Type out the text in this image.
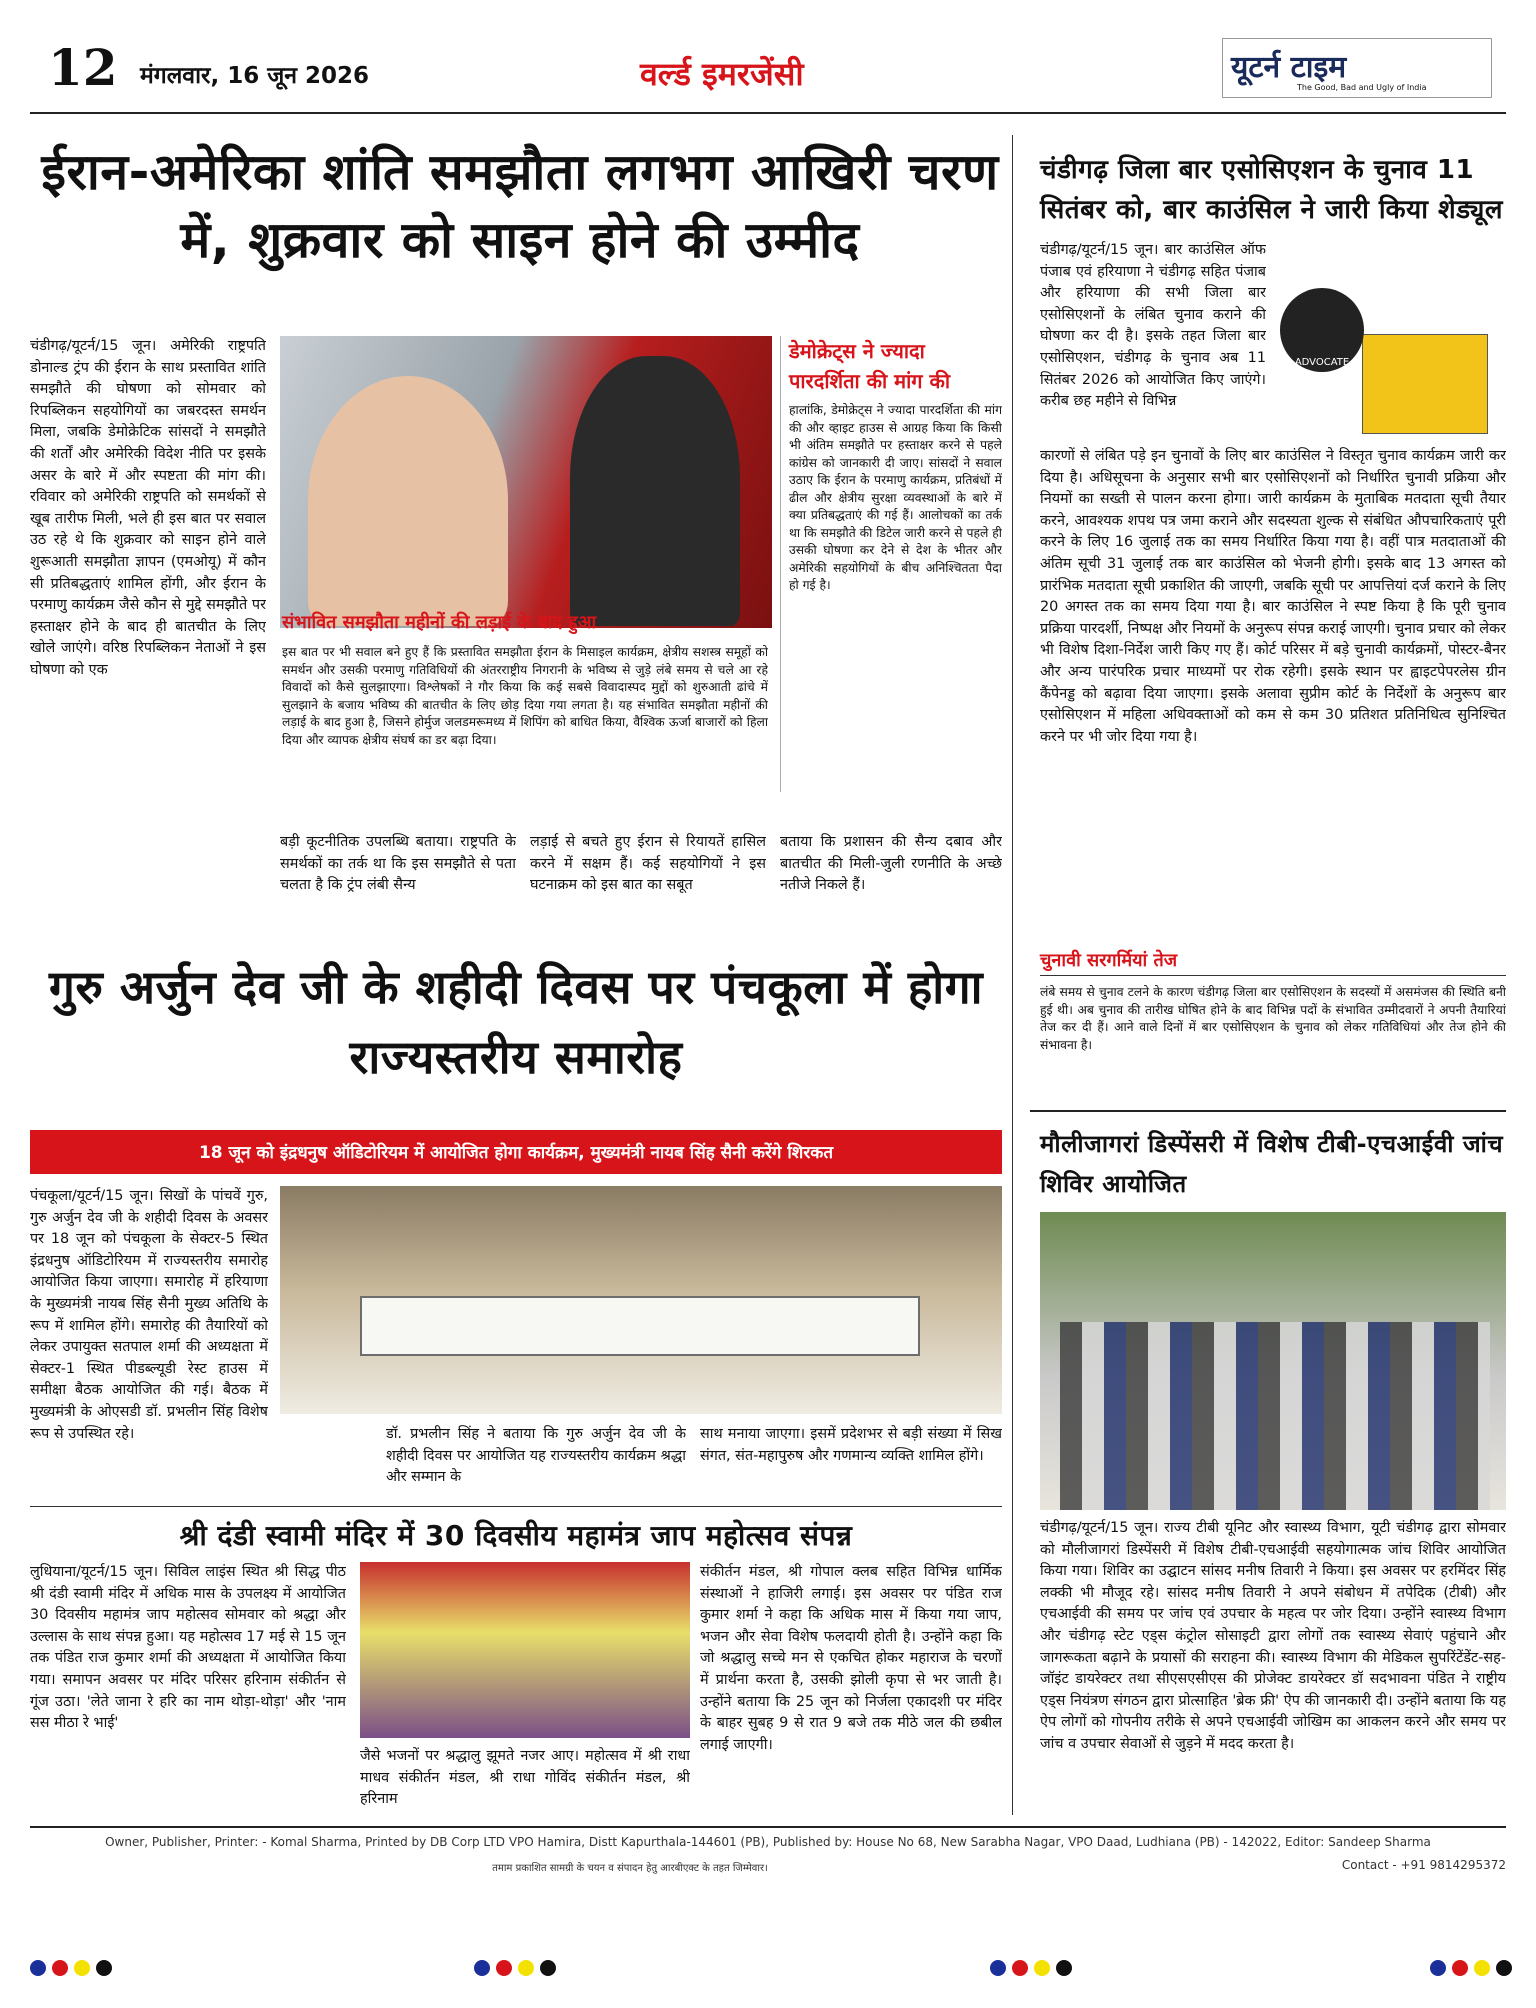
12 मंगलवार, 16 जून 2026	वर्ल्ड इमरजेंसी	यूटर्न टाइम
The Good, Bad and Ugly of India
ईरान-अमेरिका शांति समझौता लगभग आखिरी चरण में, शुक्रवार को साइन होने की उम्मीद
चंडीगढ़/यूटर्न/15 जून। अमेरिकी राष्ट्रपति डोनाल्ड ट्रंप की ईरान के साथ प्रस्तावित शांति समझौते की घोषणा को सोमवार को रिपब्लिकन सहयोगियों का जबरदस्त समर्थन मिला, जबकि डेमोक्रेटिक सांसदों ने समझौते की शर्तों और अमेरिकी विदेश नीति पर इसके असर के बारे में और स्पष्टता की मांग की। रविवार को अमेरिकी राष्ट्रपति को समर्थकों से खूब तारीफ मिली, भले ही इस बात पर सवाल उठ रहे थे कि शुक्रवार को साइन होने वाले शुरूआती समझौता ज्ञापन (एमओयू) में कौन सी प्रतिबद्धताएं शामिल होंगी, और ईरान के परमाणु कार्यक्रम जैसे कौन से मुद्दे समझौते पर हस्ताक्षर होने के बाद ही बातचीत के लिए खोले जाएंगे। वरिष्ठ रिपब्लिकन नेताओं ने इस घोषणा को एक
संभावित समझौता महीनों की लड़ाई के बाद हुआ
इस बात पर भी सवाल बने हुए हैं कि प्रस्तावित समझौता ईरान के मिसाइल कार्यक्रम, क्षेत्रीय सशस्त्र समूहों को समर्थन और उसकी परमाणु गतिविधियों की अंतरराष्ट्रीय निगरानी के भविष्य से जुड़े लंबे समय से चले आ रहे विवादों को कैसे सुलझाएगा। विश्लेषकों ने गौर किया कि कई सबसे विवादास्पद मुद्दों को शुरुआती ढांचे में सुलझाने के बजाय भविष्य की बातचीत के लिए छोड़ दिया गया लगता है। यह संभावित समझौता महीनों की लड़ाई के बाद हुआ है, जिसने होर्मुज जलडमरूमध्य में शिपिंग को बाधित किया, वैश्विक ऊर्जा बाजारों को हिला दिया और व्यापक क्षेत्रीय संघर्ष का डर बढ़ा दिया।
डेमोक्रेट्स ने ज्यादा पारदर्शिता की मांग की
हालांकि, डेमोक्रेट्स ने ज्यादा पारदर्शिता की मांग की और व्हाइट हाउस से आग्रह किया कि किसी भी अंतिम समझौते पर हस्ताक्षर करने से पहले कांग्रेस को जानकारी दी जाए। सांसदों ने सवाल उठाए कि ईरान के परमाणु कार्यक्रम, प्रतिबंधों में ढील और क्षेत्रीय सुरक्षा व्यवस्थाओं के बारे में क्या प्रतिबद्धताएं की गई हैं। आलोचकों का तर्क था कि समझौते की डिटेल जारी करने से पहले ही उसकी घोषणा कर देने से देश के भीतर और अमेरिकी सहयोगियों के बीच अनिश्चितता पैदा हो गई है।
बड़ी कूटनीतिक उपलब्धि बताया। राष्ट्रपति के समर्थकों का तर्क था कि इस समझौते से पता चलता है कि ट्रंप लंबी सैन्य
लड़ाई से बचते हुए ईरान से रियायतें हासिल करने में सक्षम हैं। कई सहयोगियों ने इस घटनाक्रम को इस बात का सबूत
बताया कि प्रशासन की सैन्य दबाव और बातचीत की मिली-जुली रणनीति के अच्छे नतीजे निकले हैं।
चंडीगढ़ जिला बार एसोसिएशन के चुनाव 11 सितंबर को, बार काउंसिल ने जारी किया शेड्यूल
चंडीगढ़/यूटर्न/15 जून। बार काउंसिल ऑफ पंजाब एवं हरियाणा ने चंडीगढ़ सहित पंजाब और हरियाणा की सभी जिला बार एसोसिएशनों के लंबित चुनाव कराने की घोषणा कर दी है। इसके तहत जिला बार एसोसिएशन, चंडीगढ़ के चुनाव अब 11 सितंबर 2026 को आयोजित किए जाएंगे। करीब छह महीने से विभिन्न
ADVOCATE
कारणों से लंबित पड़े इन चुनावों के लिए बार काउंसिल ने विस्तृत चुनाव कार्यक्रम जारी कर दिया है। अधिसूचना के अनुसार सभी बार एसोसिएशनों को निर्धारित चुनावी प्रक्रिया और नियमों का सख्ती से पालन करना होगा। जारी कार्यक्रम के मुताबिक मतदाता सूची तैयार करने, आवश्यक शपथ पत्र जमा कराने और सदस्यता शुल्क से संबंधित औपचारिकताएं पूरी करने के लिए 16 जुलाई तक का समय निर्धारित किया गया है। वहीं पात्र मतदाताओं की अंतिम सूची 31 जुलाई तक बार काउंसिल को भेजनी होगी। इसके बाद 13 अगस्त को प्रारंभिक मतदाता सूची प्रकाशित की जाएगी, जबकि सूची पर आपत्तियां दर्ज कराने के लिए 20 अगस्त तक का समय दिया गया है। बार काउंसिल ने स्पष्ट किया है कि पूरी चुनाव प्रक्रिया पारदर्शी, निष्पक्ष और नियमों के अनुरूप संपन्न कराई जाएगी। चुनाव प्रचार को लेकर भी विशेष दिशा-निर्देश जारी किए गए हैं। कोर्ट परिसर में बड़े चुनावी कार्यक्रमों, पोस्टर-बैनर और अन्य पारंपरिक प्रचार माध्यमों पर रोक रहेगी। इसके स्थान पर ह्वाइटपेपरलेस ग्रीन कैंपेनड्ड को बढ़ावा दिया जाएगा। इसके अलावा सुप्रीम कोर्ट के निर्देशों के अनुरूप बार एसोसिएशन में महिला अधिवक्ताओं को कम से कम 30 प्रतिशत प्रतिनिधित्व सुनिश्चित करने पर भी जोर दिया गया है।
चुनावी सरगर्मियां तेज
लंबे समय से चुनाव टलने के कारण चंडीगढ़ जिला बार एसोसिएशन के सदस्यों में असमंजस की स्थिति बनी हुई थी। अब चुनाव की तारीख घोषित होने के बाद विभिन्न पदों के संभावित उम्मीदवारों ने अपनी तैयारियां तेज कर दी हैं। आने वाले दिनों में बार एसोसिएशन के चुनाव को लेकर गतिविधियां और तेज होने की संभावना है।
मौलीजागरां डिस्पेंसरी में विशेष टीबी-एचआईवी जांच शिविर आयोजित
चंडीगढ़/यूटर्न/15 जून। राज्य टीबी यूनिट और स्वास्थ्य विभाग, यूटी चंडीगढ़ द्वारा सोमवार को मौलीजागरां डिस्पेंसरी में विशेष टीबी-एचआईवी सहयोगात्मक जांच शिविर आयोजित किया गया। शिविर का उद्घाटन सांसद मनीष तिवारी ने किया। इस अवसर पर हरमिंदर सिंह लक्की भी मौजूद रहे। सांसद मनीष तिवारी ने अपने संबोधन में तपेदिक (टीबी) और एचआईवी की समय पर जांच एवं उपचार के महत्व पर जोर दिया। उन्होंने स्वास्थ्य विभाग और चंडीगढ़ स्टेट एड्स कंट्रोल सोसाइटी द्वारा लोगों तक स्वास्थ्य सेवाएं पहुंचाने और जागरूकता बढ़ाने के प्रयासों की सराहना की। स्वास्थ्य विभाग की मेडिकल सुपरिंटेंडेंट-सह-जॉइंट डायरेक्टर तथा सीएसएसीएस की प्रोजेक्ट डायरेक्टर डॉ सदभावना पंडित ने राष्ट्रीय एड्स नियंत्रण संगठन द्वारा प्रोत्साहित 'ब्रेक फ्री' ऐप की जानकारी दी। उन्होंने बताया कि यह ऐप लोगों को गोपनीय तरीके से अपने एचआईवी जोखिम का आकलन करने और समय पर जांच व उपचार सेवाओं से जुड़ने में मदद करता है।
गुरु अर्जुन देव जी के शहीदी दिवस पर पंचकूला में होगा राज्यस्तरीय समारोह
18 जून को इंद्रधनुष ऑडिटोरियम में आयोजित होगा कार्यक्रम, मुख्यमंत्री नायब सिंह सैनी करेंगे शिरकत
पंचकूला/यूटर्न/15 जून। सिखों के पांचवें गुरु, गुरु अर्जुन देव जी के शहीदी दिवस के अवसर पर 18 जून को पंचकूला के सेक्टर-5 स्थित इंद्रधनुष ऑडिटोरियम में राज्यस्तरीय समारोह आयोजित किया जाएगा। समारोह में हरियाणा के मुख्यमंत्री नायब सिंह सैनी मुख्य अतिथि के रूप में शामिल होंगे। समारोह की तैयारियों को लेकर उपायुक्त सतपाल शर्मा की अध्यक्षता में सेक्टर-1 स्थित पीडब्ल्यूडी रेस्ट हाउस में समीक्षा बैठक आयोजित की गई। बैठक में मुख्यमंत्री के ओएसडी डॉ. प्रभलीन सिंह विशेष रूप से उपस्थित रहे।	डॉ. प्रभलीन सिंह ने बताया कि गुरु अर्जुन देव जी के शहीदी दिवस पर आयोजित यह राज्यस्तरीय कार्यक्रम श्रद्धा और सम्मान के
साथ मनाया जाएगा। इसमें प्रदेशभर से बड़ी संख्या में सिख संगत, संत-महापुरुष और गणमान्य व्यक्ति शामिल होंगे।
श्री दंडी स्वामी मंदिर में 30 दिवसीय महामंत्र जाप महोत्सव संपन्न
लुधियाना/यूटर्न/15 जून। सिविल लाइंस स्थित श्री सिद्ध पीठ श्री दंडी स्वामी मंदिर में अधिक मास के उपलक्ष्य में आयोजित 30 दिवसीय महामंत्र जाप महोत्सव सोमवार को श्रद्धा और उल्लास के साथ संपन्न हुआ। यह महोत्सव 17 मई से 15 जून तक पंडित राज कुमार शर्मा की अध्यक्षता में आयोजित किया गया। समापन अवसर पर मंदिर परिसर हरिनाम संकीर्तन से गूंज उठा। 'लेते जाना रे हरि का नाम थोड़ा-थोड़ा' और 'नाम सस मीठा रे भाई'
जैसे भजनों पर श्रद्धालु झूमते नजर आए। महोत्सव में श्री राधा माधव संकीर्तन मंडल, श्री राधा गोविंद संकीर्तन मंडल, श्री हरिनाम
संकीर्तन मंडल, श्री गोपाल क्लब सहित विभिन्न धार्मिक संस्थाओं ने हाजिरी लगाई। इस अवसर पर पंडित राज कुमार शर्मा ने कहा कि अधिक मास में किया गया जाप, भजन और सेवा विशेष फलदायी होती है। उन्होंने कहा कि जो श्रद्धालु सच्चे मन से एकचित होकर महाराज के चरणों में प्रार्थना करता है, उसकी झोली कृपा से भर जाती है। उन्होंने बताया कि 25 जून को निर्जला एकादशी पर मंदिर के बाहर सुबह 9 से रात 9 बजे तक मीठे जल की छबील लगाई जाएगी।
Owner, Publisher, Printer: - Komal Sharma, Printed by DB Corp LTD VPO Hamira, Distt Kapurthala-144601 (PB), Published by: House No 68, New Sarabha Nagar, VPO Daad, Ludhiana (PB) - 142022, Editor: Sandeep Sharma
तमाम प्रकाशित सामग्री के चयन व संपादन हेतु आरबीएक्ट के तहत जिम्मेवार।	Contact - +91 9814295372
